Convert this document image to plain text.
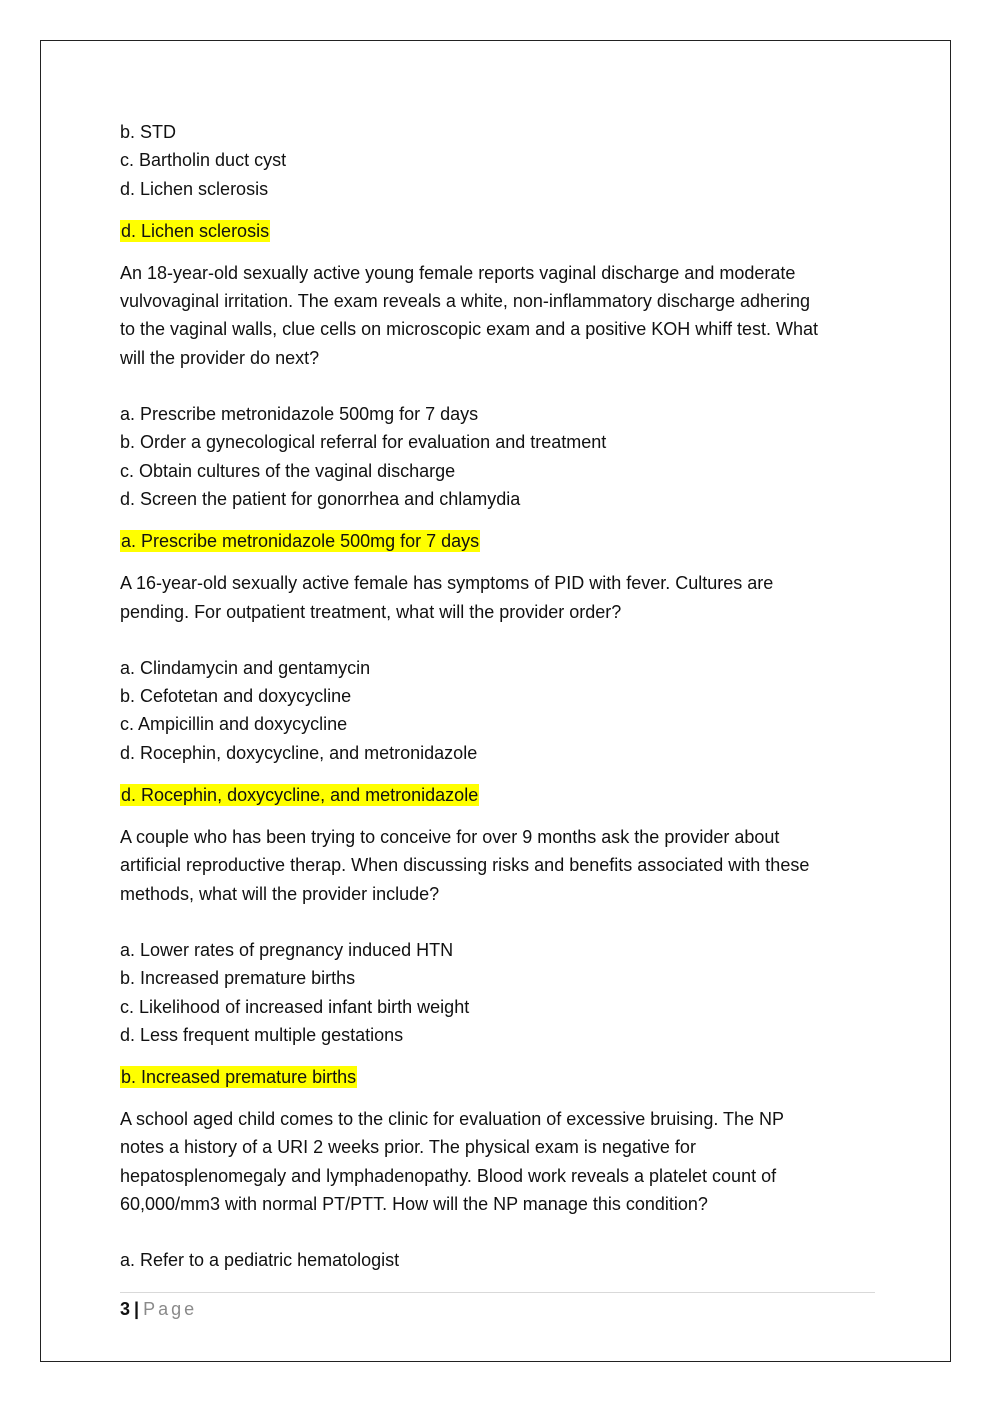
b. STD

c. Bartholin duct cyst

d. Lichen sclerosis

d. Lichen sclerosis

An 18-year-old sexually active young female reports vaginal discharge and moderate

vulvovaginal irritation. The exam reveals a white, non-inflammatory discharge adhering

to the vaginal walls, clue cells on microscopic exam and a positive KOH whiff test. What

will the provider do next?

a. Prescribe metronidazole 500mg for 7 days

b. Order a gynecological referral for evaluation and treatment

c. Obtain cultures of the vaginal discharge

d. Screen the patient for gonorrhea and chlamydia

a. Prescribe metronidazole 500mg for 7 days

A 16-year-old sexually active female has symptoms of PID with fever. Cultures are

pending. For outpatient treatment, what will the provider order?

a. Clindamycin and gentamycin

b. Cefotetan and doxycycline

c. Ampicillin and doxycycline

d. Rocephin, doxycycline, and metronidazole

d. Rocephin, doxycycline, and metronidazole

A couple who has been trying to conceive for over 9 months ask the provider about

artificial reproductive therap. When discussing risks and benefits associated with these

methods, what will the provider include?

a. Lower rates of pregnancy induced HTN

b. Increased premature births

c. Likelihood of increased infant birth weight

d. Less frequent multiple gestations

b. Increased premature births

A school aged child comes to the clinic for evaluation of excessive bruising. The NP

notes a history of a URI 2 weeks prior. The physical exam is negative for

hepatosplenomegaly and lymphadenopathy. Blood work reveals a platelet count of

60,000/mm3 with normal PT/PTT. How will the NP manage this condition?

a. Refer to a pediatric hematologist

3 | Page
